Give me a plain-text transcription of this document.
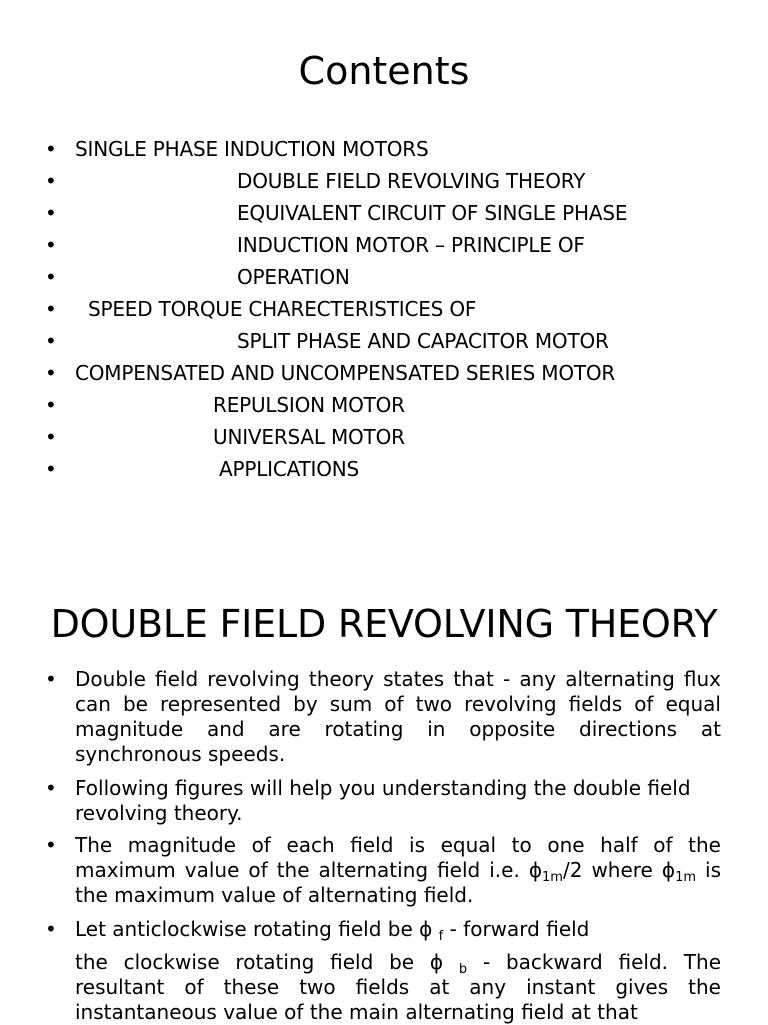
Contents
• SINGLE PHASE INDUCTION MOTORS
•	DOUBLE FIELD REVOLVING THEORY
•	EQUIVALENT CIRCUIT OF SINGLE PHASE
•	INDUCTION MOTOR – PRINCIPLE OF
•	OPERATION
• SPEED TORQUE CHARECTERISTICES OF
•	SPLIT PHASE AND CAPACITOR MOTOR
• COMPENSATED AND UNCOMPENSATED SERIES MOTOR
•	REPULSION MOTOR
•	UNIVERSAL MOTOR
•	APPLICATIONS
DOUBLE FIELD REVOLVING THEORY
• Double field revolving theory states that - any alternating flux can be represented by sum of two revolving fields of equal magnitude and are rotating in opposite directions at synchronous speeds.
• Following figures will help you understanding the double field revolving theory.
• The magnitude of each field is equal to one half of the maximum value of the alternating field i.e. $\phi_{1m}/2$ where $\phi_{1m}$ is the maximum value of alternating field.
• Let anticlockwise rotating field be ϕ $_f$ - forward field
the clockwise rotating field be ϕ $_b$ - backward field. The resultant of these two fields at any instant gives the instantaneous value of the main alternating field at that
